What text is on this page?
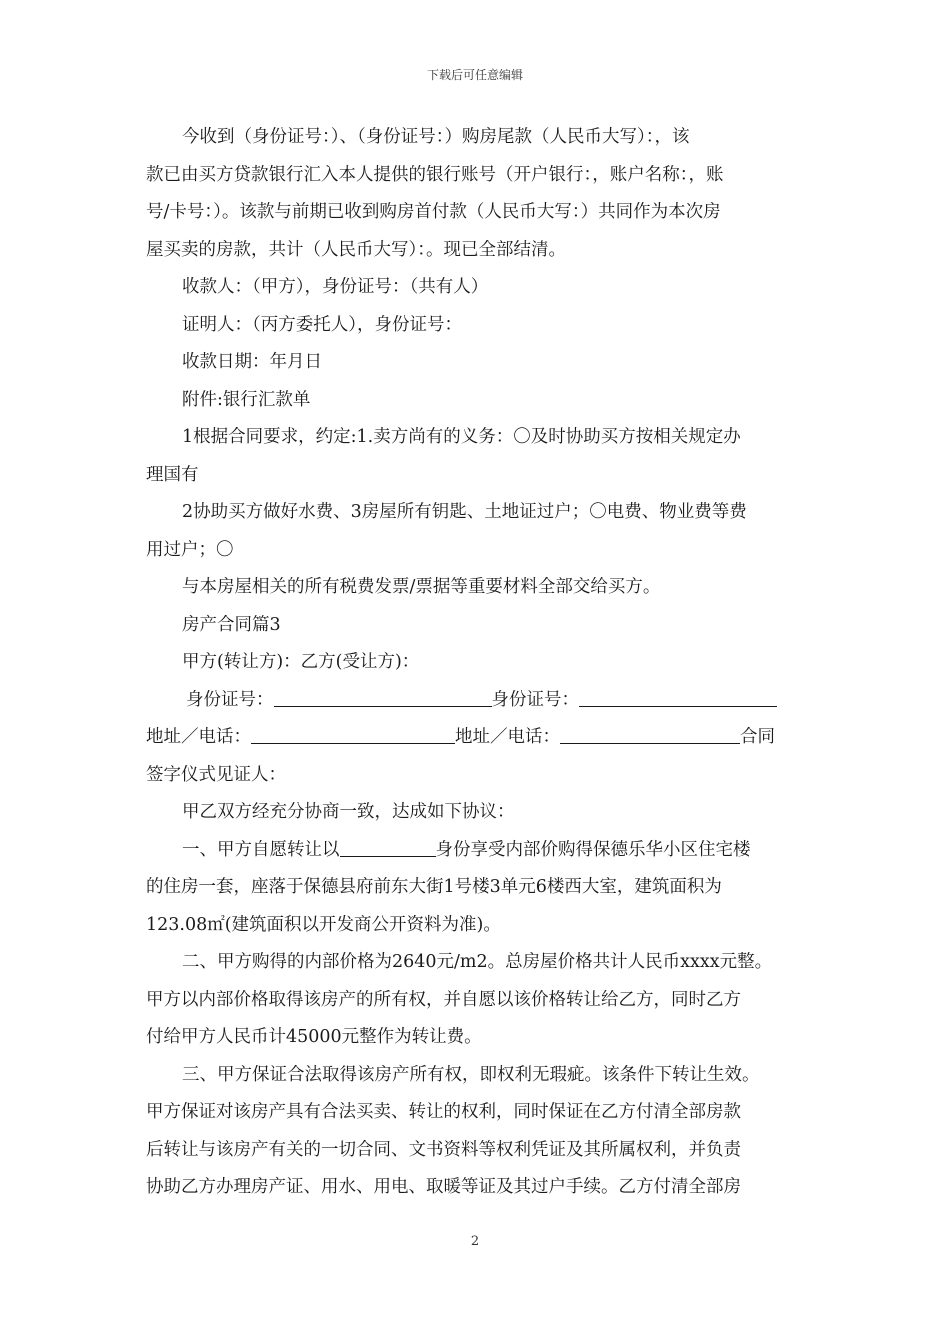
下载后可任意编辑
今收到（身份证号：）、（身份证号：）购房尾款（人民币大写）：，该
款已由买方贷款银行汇入本人提供的银行账号（开户银行：，账户名称：，账
号/卡号：）。该款与前期已收到购房首付款（人民币大写：）共同作为本次房
屋买卖的房款，共计（人民币大写）：。现已全部结清。
收款人：（甲方），身份证号：（共有人）
证明人：（丙方委托人），身份证号：
收款日期：年月日
附件:银行汇款单
1根据合同要求，约定:1.卖方尚有的义务：〇及时协助买方按相关规定办
理国有
2协助买方做好水费、3房屋所有钥匙、土地证过户；〇电费、物业费等费
用过户；〇
与本房屋相关的所有税费发票/票据等重要材料全部交给买方。
房产合同篇3
甲方(转让方)：乙方(受让方)：
身份证号：	身份证号：
地址／电话：	地址／电话：	合同
签字仪式见证人：
甲乙双方经充分协商一致，达成如下协议：
一、甲方自愿转让以	身份享受内部价购得保德乐华小区住宅楼
的住房一套，座落于保德县府前东大街1号楼3单元6楼西大室，建筑面积为
123.08㎡(建筑面积以开发商公开资料为准)。
二、甲方购得的内部价格为2640元/m2。总房屋价格共计人民币xxxx元整。
甲方以内部价格取得该房产的所有权，并自愿以该价格转让给乙方，同时乙方
付给甲方人民币计45000元整作为转让费。
三、甲方保证合法取得该房产所有权，即权利无瑕疵。该条件下转让生效。
甲方保证对该房产具有合法买卖、转让的权利，同时保证在乙方付清全部房款
后转让与该房产有关的一切合同、文书资料等权利凭证及其所属权利，并负责
协助乙方办理房产证、用水、用电、取暖等证及其过户手续。乙方付清全部房
2
